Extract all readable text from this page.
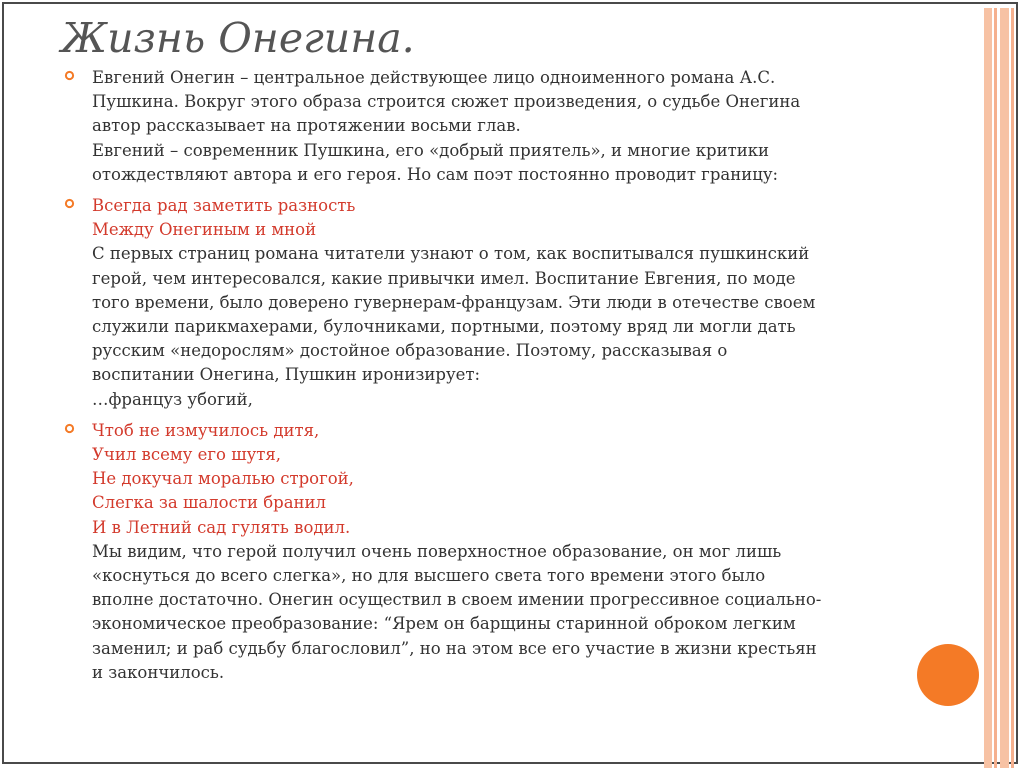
Жизнь Онегина.
Евгений Онегин – центральное действующее лицо одноименного романа А.С.
Пушкина. Вокруг этого образа строится сюжет произведения, о судьбе Онегина
автор рассказывает на протяжении восьми глав.
Евгений – современник Пушкина, его «добрый приятель», и многие критики
отождествляют автора и его героя. Но сам поэт постоянно проводит границу:
Всегда рад заметить разность
Между Онегиным и мной
С первых страниц романа читатели узнают о том, как воспитывался пушкинский
герой, чем интересовался, какие привычки имел. Воспитание Евгения, по моде
того времени, было доверено гувернерам-французам. Эти люди в отечестве своем
служили парикмахерами, булочниками, портными, поэтому вряд ли могли дать
русским «недорослям» достойное образование. Поэтому, рассказывая о
воспитании Онегина, Пушкин иронизирует:
…француз убогий,
Чтоб не измучилось дитя,
Учил всему его шутя,
Не докучал моралью строгой,
Слегка за шалости бранил
И в Летний сад гулять водил.
Мы видим, что герой получил очень поверхностное образование, он мог лишь
«коснуться до всего слегка», но для высшего света того времени этого было
вполне достаточно. Онегин осуществил в своем имении прогрессивное социально-
экономическое преобразование: “Ярем он барщины старинной оброком легким
заменил; и раб судьбу благословил”, но на этом все его участие в жизни крестьян
и закончилось.
